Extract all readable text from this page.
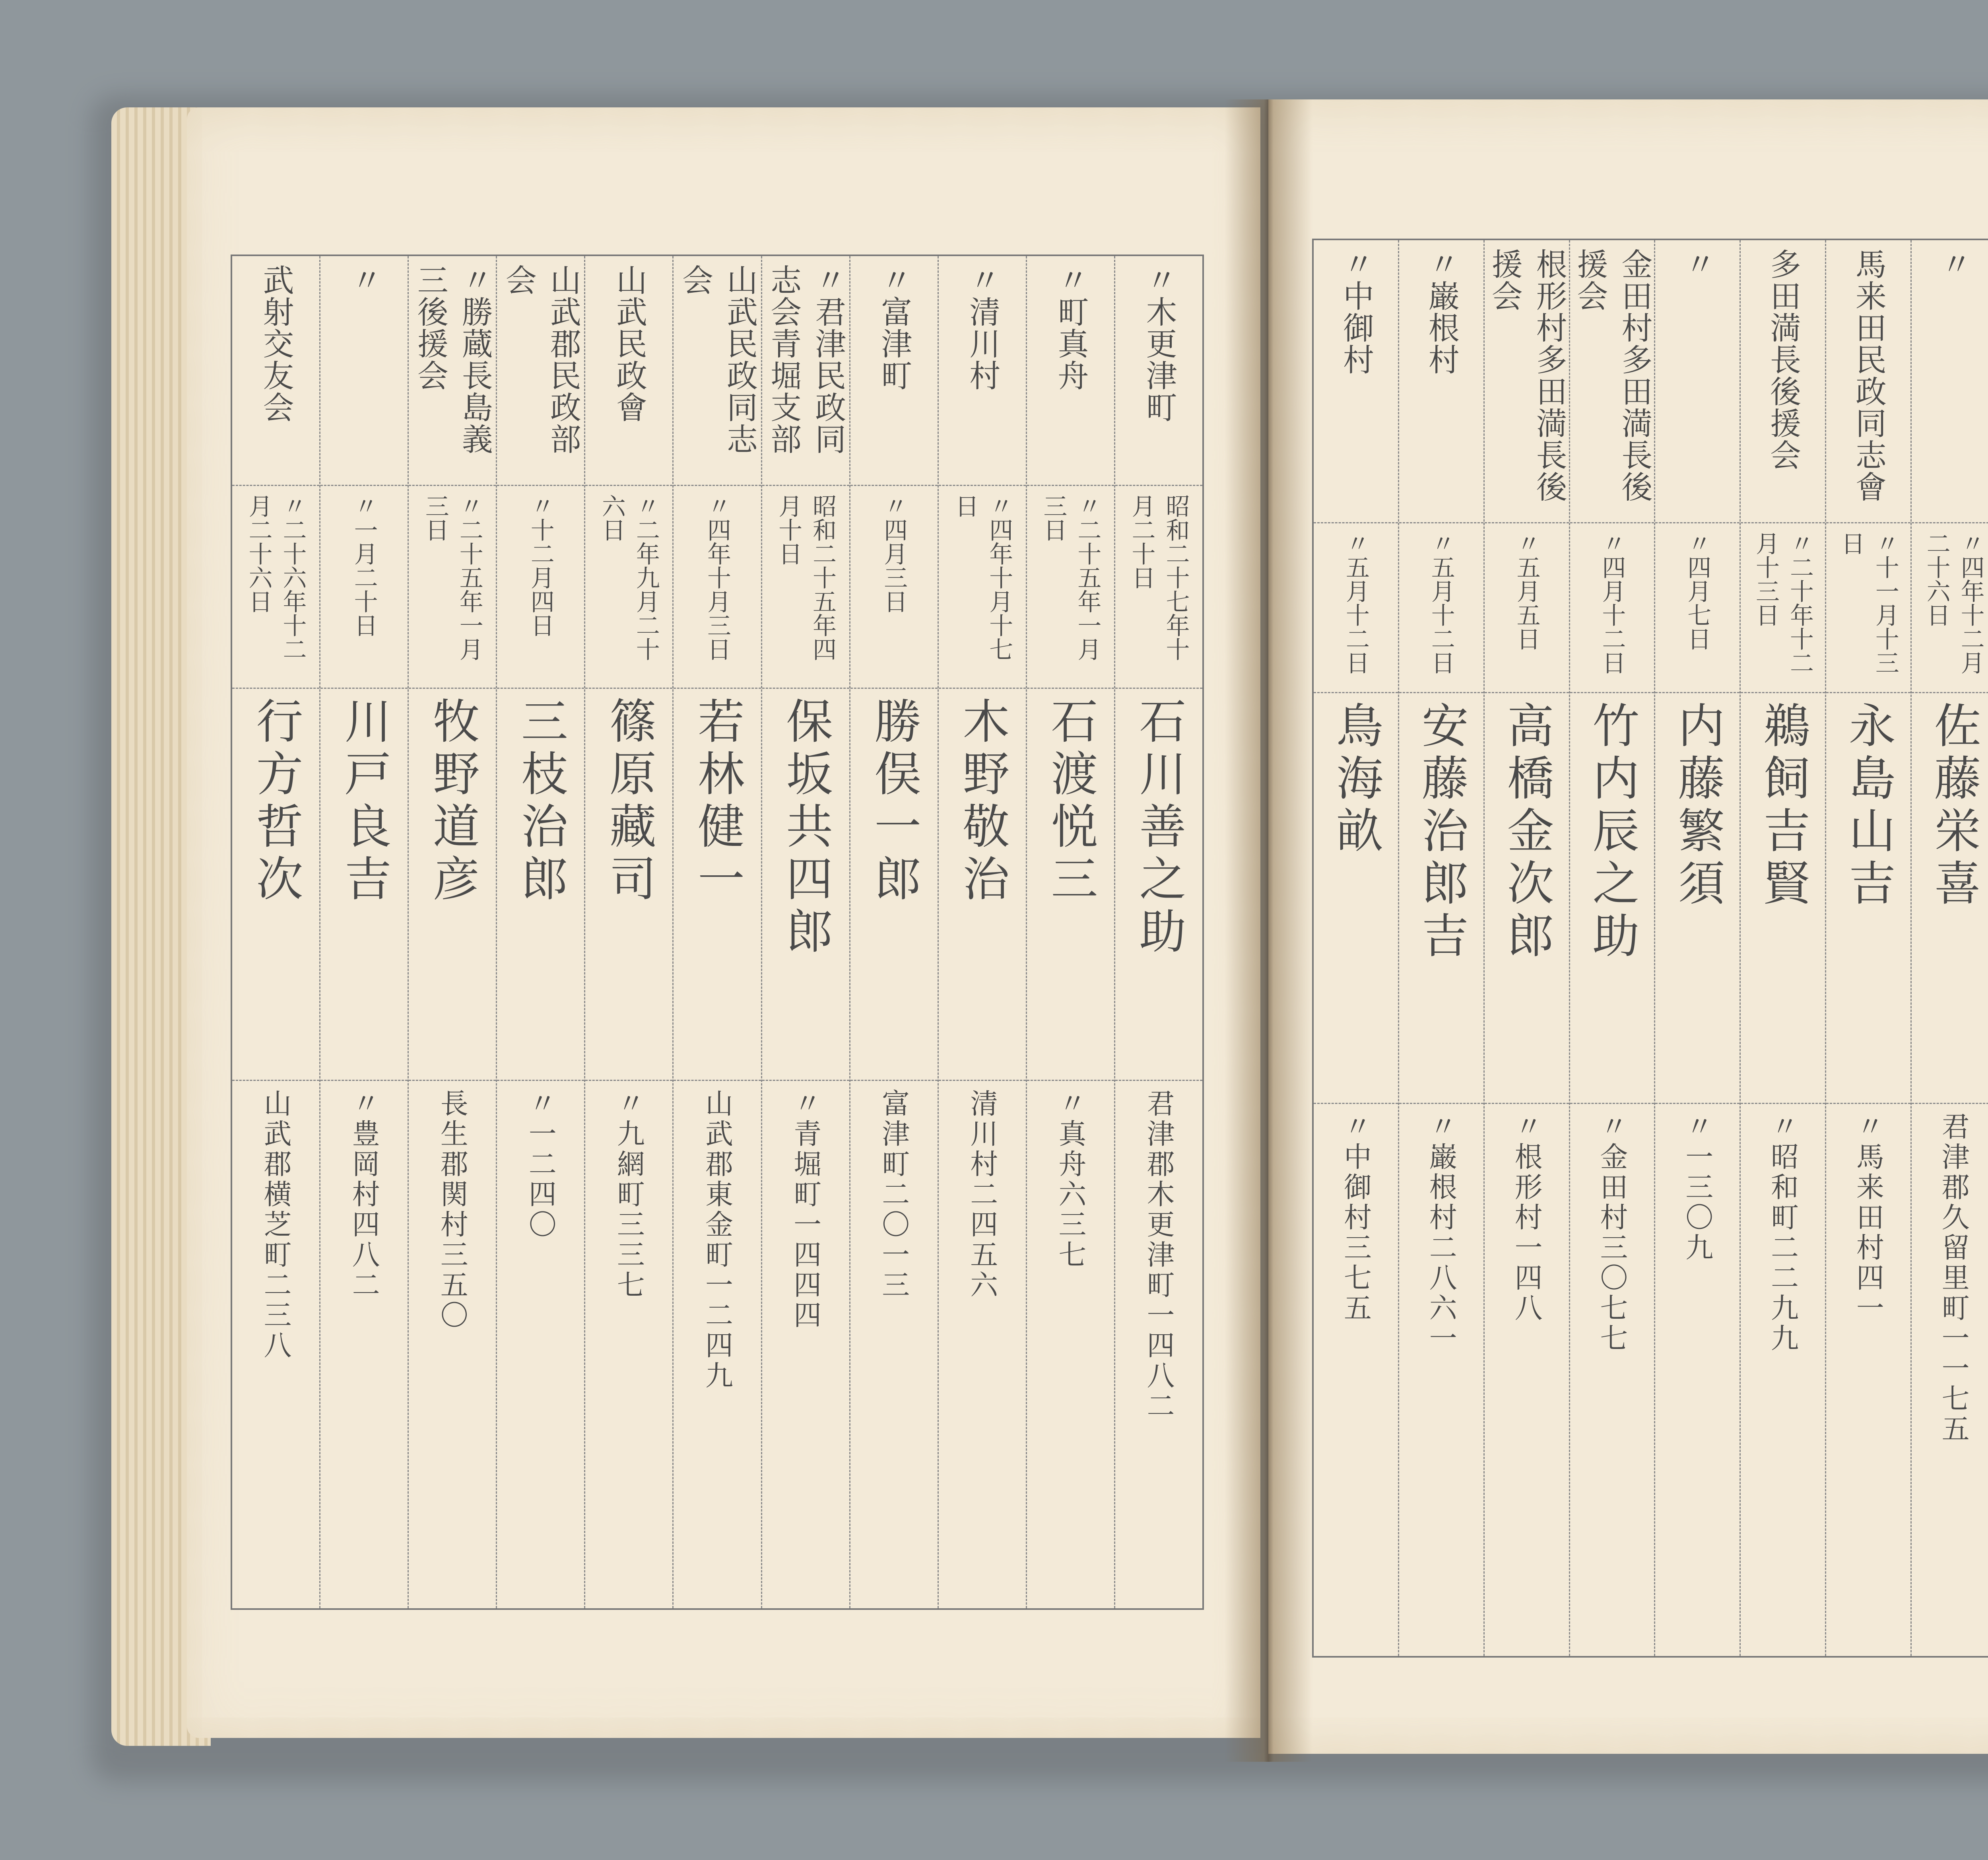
〃木更津町
昭和二十七年十月二十日
石川善之助
君津郡木更津町一四八二
〃町真舟
〃二十五年一月三日
石渡悦三
〃真舟六三七
〃清川村
〃四年十月十七日
木野敬治
清川村二四五六
〃富津町
〃四月三日
勝俣一郎
富津町二〇一三
〃君津民政同志会青堀支部
昭和二十五年四月十日
保坂共四郎
〃青堀町一四四四
山武民政同志会
〃四年十月三日
若林健一
山武郡東金町一二四九
山武民政會
〃二年九月二十六日
篠原藏司
〃九網町三三七
山武郡民政部会
〃十二月四日
三枝治郎
〃一二四〇
〃勝蔵長島義三後援会
〃二十五年一月三日
牧野道彦
長生郡関村三五〇
〃
〃一月二十日
川戸良吉
〃豊岡村四八二
武射交友会
〃二十六年十二月二十六日
行方哲次
山武郡横芝町二三八
〃
〃四年十二月二十六日
佐藤栄喜
君津郡久留里町一一七五
馬来田民政同志會
〃十一月十三日
永島山吉
〃馬来田村四一
多田満長後援会
〃二十年十二月十三日
鵜飼吉賢
〃昭和町二二九九
〃
〃四月七日
内藤繁須
〃一三〇九
金田村多田満長後援会
〃四月十二日
竹内辰之助
〃金田村三〇七七
根形村多田満長後援会
〃五月五日
高橋金次郎
〃根形村一四八
〃巌根村
〃五月十二日
安藤治郎吉
〃巌根村二八六一
〃中御村
〃五月十二日
鳥海畝
〃中御村三七五
